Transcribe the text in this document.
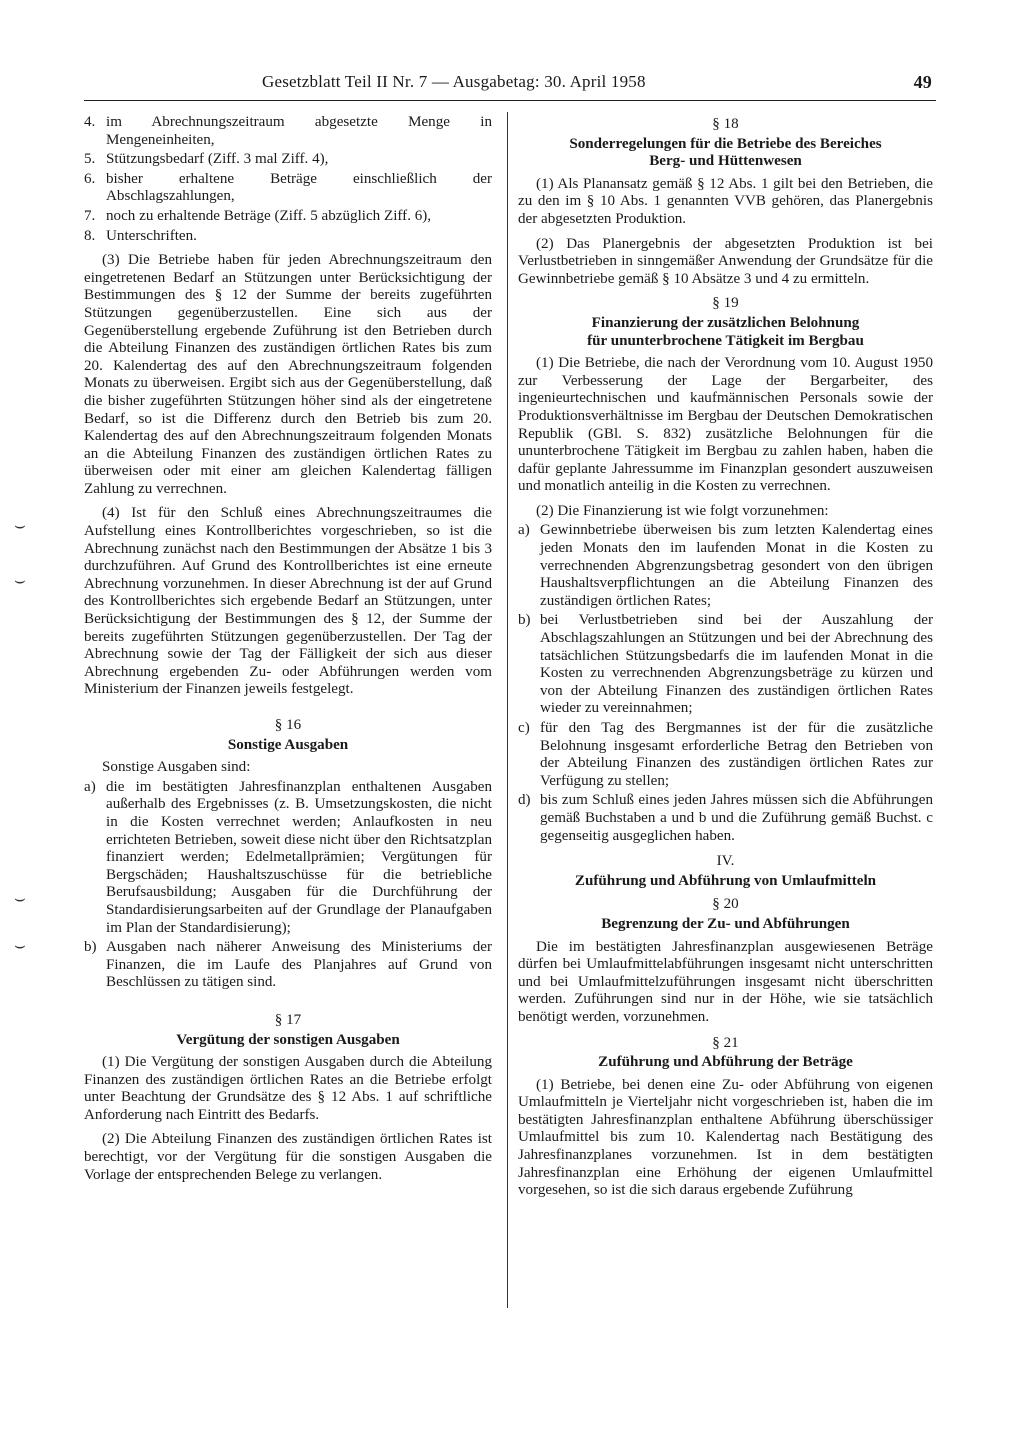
Gesetzblatt Teil II Nr. 7 — Ausgabetag: 30. April 1958	49
⌣
⌣
⌣
⌣
4. im Abrechnungszeitraum abgesetzte Menge in Mengeneinheiten,
5. Stützungsbedarf (Ziff. 3 mal Ziff. 4),
6. bisher erhaltene Beträge einschließlich der Abschlagszahlungen,
7. noch zu erhaltende Beträge (Ziff. 5 abzüglich Ziff. 6),
8. Unterschriften.

(3) Die Betriebe haben für jeden Abrechnungszeitraum den eingetretenen Bedarf an Stützungen unter Berücksichtigung der Bestimmungen des § 12 der Summe der bereits zugeführten Stützungen gegenüberzustellen. Eine sich aus der Gegenüberstellung ergebende Zuführung ist den Betrieben durch die Abteilung Finanzen des zuständigen örtlichen Rates bis zum 20. Kalendertag des auf den Abrechnungszeitraum folgenden Monats zu überweisen. Ergibt sich aus der Gegenüberstellung, daß die bisher zugeführten Stützungen höher sind als der eingetretene Bedarf, so ist die Differenz durch den Betrieb bis zum 20. Kalendertag des auf den Abrechnungszeitraum folgenden Monats an die Abteilung Finanzen des zuständigen örtlichen Rates zu überweisen oder mit einer am gleichen Kalendertag fälligen Zahlung zu verrechnen.

(4) Ist für den Schluß eines Abrechnungszeitraumes die Aufstellung eines Kontrollberichtes vorgeschrieben, so ist die Abrechnung zunächst nach den Bestimmungen der Absätze 1 bis 3 durchzuführen. Auf Grund des Kontrollberichtes ist eine erneute Abrechnung vorzunehmen. In dieser Abrechnung ist der auf Grund des Kontrollberichtes sich ergebende Bedarf an Stützungen, unter Berücksichtigung der Bestimmungen des § 12, der Summe der bereits zugeführten Stützungen gegenüberzustellen. Der Tag der Abrechnung sowie der Tag der Fälligkeit der sich aus dieser Abrechnung ergebenden Zu- oder Abführungen werden vom Ministerium der Finanzen jeweils festgelegt.

§ 16
Sonstige Ausgaben

Sonstige Ausgaben sind:

a) die im bestätigten Jahresfinanzplan enthaltenen Ausgaben außerhalb des Ergebnisses (z. B. Umsetzungskosten, die nicht in die Kosten verrechnet werden; Anlaufkosten in neu errichteten Betrieben, soweit diese nicht über den Richtsatzplan finanziert werden; Edelmetallprämien; Vergütungen für Bergschäden; Haushaltszuschüsse für die betriebliche Berufsausbildung; Ausgaben für die Durchführung der Standardisierungsarbeiten auf der Grundlage der Planaufgaben im Plan der Standardisierung);
b) Ausgaben nach näherer Anweisung des Ministeriums der Finanzen, die im Laufe des Planjahres auf Grund von Beschlüssen zu tätigen sind.
§ 17
Vergütung der sonstigen Ausgaben

(1) Die Vergütung der sonstigen Ausgaben durch die Abteilung Finanzen des zuständigen örtlichen Rates an die Betriebe erfolgt unter Beachtung der Grundsätze des § 12 Abs. 1 auf schriftliche Anforderung nach Eintritt des Bedarfs.

(2) Die Abteilung Finanzen des zuständigen örtlichen Rates ist berechtigt, vor der Vergütung für die sonstigen Ausgaben die Vorlage der entsprechenden Belege zu verlangen.

§ 18
Sonderregelungen für die Betriebe des Bereiches
Berg- und Hüttenwesen

(1) Als Planansatz gemäß § 12 Abs. 1 gilt bei den Betrieben, die zu den im § 10 Abs. 1 genannten VVB gehören, das Planergebnis der abgesetzten Produktion.

(2) Das Planergebnis der abgesetzten Produktion ist bei Verlustbetrieben in sinngemäßer Anwendung der Grundsätze für die Gewinnbetriebe gemäß § 10 Absätze 3 und 4 zu ermitteln.

§ 19
Finanzierung der zusätzlichen Belohnung
für ununterbrochene Tätigkeit im Bergbau

(1) Die Betriebe, die nach der Verordnung vom 10. August 1950 zur Verbesserung der Lage der Bergarbeiter, des ingenieurtechnischen und kaufmännischen Personals sowie der Produktionsverhältnisse im Bergbau der Deutschen Demokratischen Republik (GBl. S. 832) zusätzliche Belohnungen für die ununterbrochene Tätigkeit im Bergbau zu zahlen haben, haben die dafür geplante Jahressumme im Finanzplan gesondert auszuweisen und monatlich anteilig in die Kosten zu verrechnen.

(2) Die Finanzierung ist wie folgt vorzunehmen:

a) Gewinnbetriebe überweisen bis zum letzten Kalendertag eines jeden Monats den im laufenden Monat in die Kosten zu verrechnenden Abgrenzungsbetrag gesondert von den übrigen Haushaltsverpflichtungen an die Abteilung Finanzen des zuständigen örtlichen Rates;
b) bei Verlustbetrieben sind bei der Auszahlung der Abschlagszahlungen an Stützungen und bei der Abrechnung des tatsächlichen Stützungsbedarfs die im laufenden Monat in die Kosten zu verrechnenden Abgrenzungsbeträge zu kürzen und von der Abteilung Finanzen des zuständigen örtlichen Rates wieder zu vereinnahmen;
c) für den Tag des Bergmannes ist der für die zusätzliche Belohnung insgesamt erforderliche Betrag den Betrieben von der Abteilung Finanzen des zuständigen örtlichen Rates zur Verfügung zu stellen;
d) bis zum Schluß eines jeden Jahres müssen sich die Abführungen gemäß Buchstaben a und b und die Zuführung gemäß Buchst. c gegenseitig ausgeglichen haben.
IV.
Zuführung und Abführung von Umlaufmitteln
§ 20
Begrenzung der Zu- und Abführungen

Die im bestätigten Jahresfinanzplan ausgewiesenen Beträge dürfen bei Umlaufmittelabführungen insgesamt nicht unterschritten und bei Umlaufmittelzuführungen insgesamt nicht überschritten werden. Zuführungen sind nur in der Höhe, wie sie tatsächlich benötigt werden, vorzunehmen.

§ 21
Zuführung und Abführung der Beträge

(1) Betriebe, bei denen eine Zu- oder Abführung von eigenen Umlaufmitteln je Vierteljahr nicht vorgeschrieben ist, haben die im bestätigten Jahresfinanzplan enthaltene Abführung überschüssiger Umlaufmittel bis zum 10. Kalendertag nach Bestätigung des Jahresfinanzplanes vorzunehmen. Ist in dem bestätigten Jahresfinanzplan eine Erhöhung der eigenen Umlaufmittel vorgesehen, so ist die sich daraus ergebende Zuführung
